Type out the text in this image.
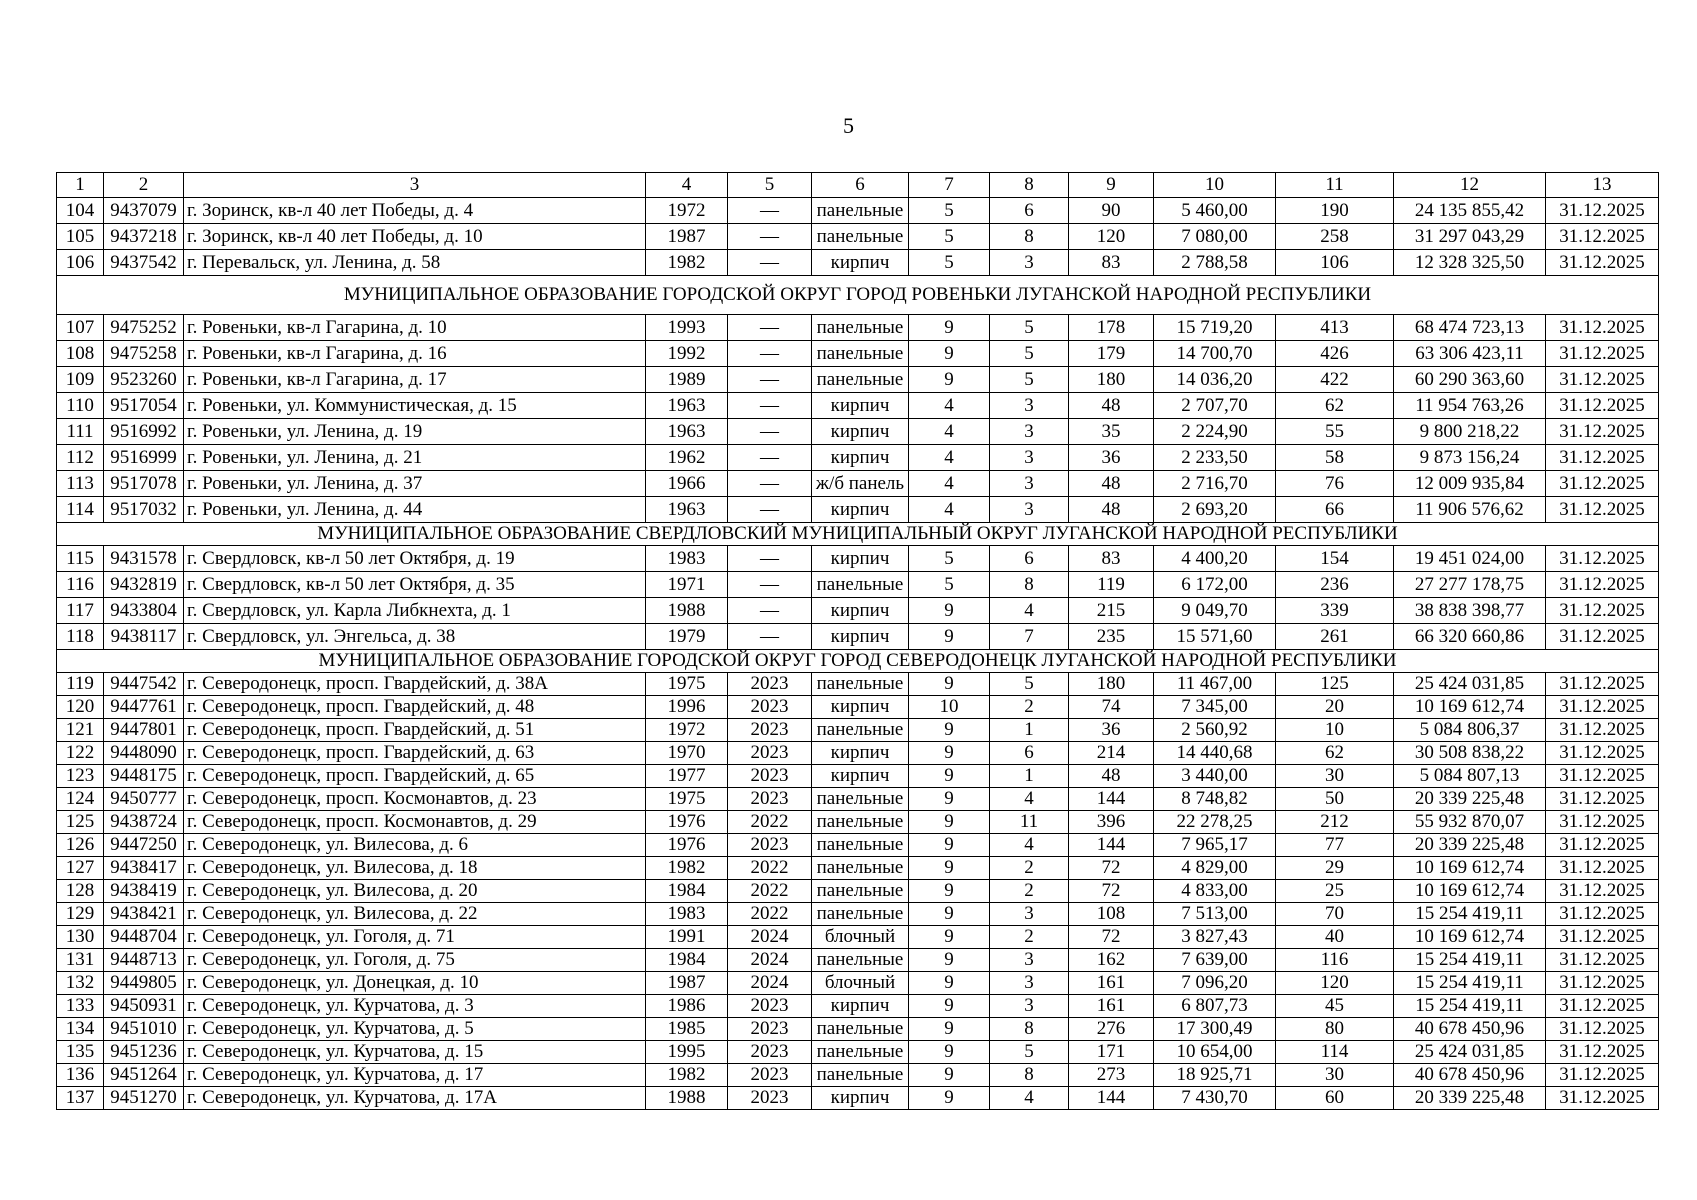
5
1	2	3	4	5	6	7	8	9	10	11	12	13
104	9437079	г. Зоринск, кв-л 40 лет Победы, д. 4	1972	—	панельные	5	6	90	5 460,00	190	24 135 855,42	31.12.2025
105	9437218	г. Зоринск, кв-л 40 лет Победы, д. 10	1987	—	панельные	5	8	120	7 080,00	258	31 297 043,29	31.12.2025
106	9437542	г. Перевальск, ул. Ленина, д. 58	1982	—	кирпич	5	3	83	2 788,58	106	12 328 325,50	31.12.2025
МУНИЦИПАЛЬНОЕ ОБРАЗОВАНИЕ ГОРОДСКОЙ ОКРУГ ГОРОД РОВЕНЬКИ ЛУГАНСКОЙ НАРОДНОЙ РЕСПУБЛИКИ												
107	9475252	г. Ровеньки, кв-л Гагарина, д. 10	1993	—	панельные	9	5	178	15 719,20	413	68 474 723,13	31.12.2025
108	9475258	г. Ровеньки, кв-л Гагарина, д. 16	1992	—	панельные	9	5	179	14 700,70	426	63 306 423,11	31.12.2025
109	9523260	г. Ровеньки, кв-л Гагарина, д. 17	1989	—	панельные	9	5	180	14 036,20	422	60 290 363,60	31.12.2025
110	9517054	г. Ровеньки, ул. Коммунистическая, д. 15	1963	—	кирпич	4	3	48	2 707,70	62	11 954 763,26	31.12.2025
111	9516992	г. Ровеньки, ул. Ленина, д. 19	1963	—	кирпич	4	3	35	2 224,90	55	9 800 218,22	31.12.2025
112	9516999	г. Ровеньки, ул. Ленина, д. 21	1962	—	кирпич	4	3	36	2 233,50	58	9 873 156,24	31.12.2025
113	9517078	г. Ровеньки, ул. Ленина, д. 37	1966	—	ж/б панель	4	3	48	2 716,70	76	12 009 935,84	31.12.2025
114	9517032	г. Ровеньки, ул. Ленина, д. 44	1963	—	кирпич	4	3	48	2 693,20	66	11 906 576,62	31.12.2025
МУНИЦИПАЛЬНОЕ ОБРАЗОВАНИЕ СВЕРДЛОВСКИЙ МУНИЦИПАЛЬНЫЙ ОКРУГ ЛУГАНСКОЙ НАРОДНОЙ РЕСПУБЛИКИ												
115	9431578	г. Свердловск, кв-л 50 лет Октября, д. 19	1983	—	кирпич	5	6	83	4 400,20	154	19 451 024,00	31.12.2025
116	9432819	г. Свердловск, кв-л 50 лет Октября, д. 35	1971	—	панельные	5	8	119	6 172,00	236	27 277 178,75	31.12.2025
117	9433804	г. Свердловск, ул. Карла Либкнехта, д. 1	1988	—	кирпич	9	4	215	9 049,70	339	38 838 398,77	31.12.2025
118	9438117	г. Свердловск, ул. Энгельса, д. 38	1979	—	кирпич	9	7	235	15 571,60	261	66 320 660,86	31.12.2025
МУНИЦИПАЛЬНОЕ ОБРАЗОВАНИЕ ГОРОДСКОЙ ОКРУГ ГОРОД СЕВЕРОДОНЕЦК ЛУГАНСКОЙ НАРОДНОЙ РЕСПУБЛИКИ												
119	9447542	г. Северодонецк, просп. Гвардейский, д. 38А	1975	2023	панельные	9	5	180	11 467,00	125	25 424 031,85	31.12.2025
120	9447761	г. Северодонецк, просп. Гвардейский, д. 48	1996	2023	кирпич	10	2	74	7 345,00	20	10 169 612,74	31.12.2025
121	9447801	г. Северодонецк, просп. Гвардейский, д. 51	1972	2023	панельные	9	1	36	2 560,92	10	5 084 806,37	31.12.2025
122	9448090	г. Северодонецк, просп. Гвардейский, д. 63	1970	2023	кирпич	9	6	214	14 440,68	62	30 508 838,22	31.12.2025
123	9448175	г. Северодонецк, просп. Гвардейский, д. 65	1977	2023	кирпич	9	1	48	3 440,00	30	5 084 807,13	31.12.2025
124	9450777	г. Северодонецк, просп. Космонавтов, д. 23	1975	2023	панельные	9	4	144	8 748,82	50	20 339 225,48	31.12.2025
125	9438724	г. Северодонецк, просп. Космонавтов, д. 29	1976	2022	панельные	9	11	396	22 278,25	212	55 932 870,07	31.12.2025
126	9447250	г. Северодонецк, ул. Вилесова, д. 6	1976	2023	панельные	9	4	144	7 965,17	77	20 339 225,48	31.12.2025
127	9438417	г. Северодонецк, ул. Вилесова, д. 18	1982	2022	панельные	9	2	72	4 829,00	29	10 169 612,74	31.12.2025
128	9438419	г. Северодонецк, ул. Вилесова, д. 20	1984	2022	панельные	9	2	72	4 833,00	25	10 169 612,74	31.12.2025
129	9438421	г. Северодонецк, ул. Вилесова, д. 22	1983	2022	панельные	9	3	108	7 513,00	70	15 254 419,11	31.12.2025
130	9448704	г. Северодонецк, ул. Гоголя, д. 71	1991	2024	блочный	9	2	72	3 827,43	40	10 169 612,74	31.12.2025
131	9448713	г. Северодонецк, ул. Гоголя, д. 75	1984	2024	панельные	9	3	162	7 639,00	116	15 254 419,11	31.12.2025
132	9449805	г. Северодонецк, ул. Донецкая, д. 10	1987	2024	блочный	9	3	161	7 096,20	120	15 254 419,11	31.12.2025
133	9450931	г. Северодонецк, ул. Курчатова, д. 3	1986	2023	кирпич	9	3	161	6 807,73	45	15 254 419,11	31.12.2025
134	9451010	г. Северодонецк, ул. Курчатова, д. 5	1985	2023	панельные	9	8	276	17 300,49	80	40 678 450,96	31.12.2025
135	9451236	г. Северодонецк, ул. Курчатова, д. 15	1995	2023	панельные	9	5	171	10 654,00	114	25 424 031,85	31.12.2025
136	9451264	г. Северодонецк, ул. Курчатова, д. 17	1982	2023	панельные	9	8	273	18 925,71	30	40 678 450,96	31.12.2025
137	9451270	г. Северодонецк, ул. Курчатова, д. 17А	1988	2023	кирпич	9	4	144	7 430,70	60	20 339 225,48	31.12.2025
